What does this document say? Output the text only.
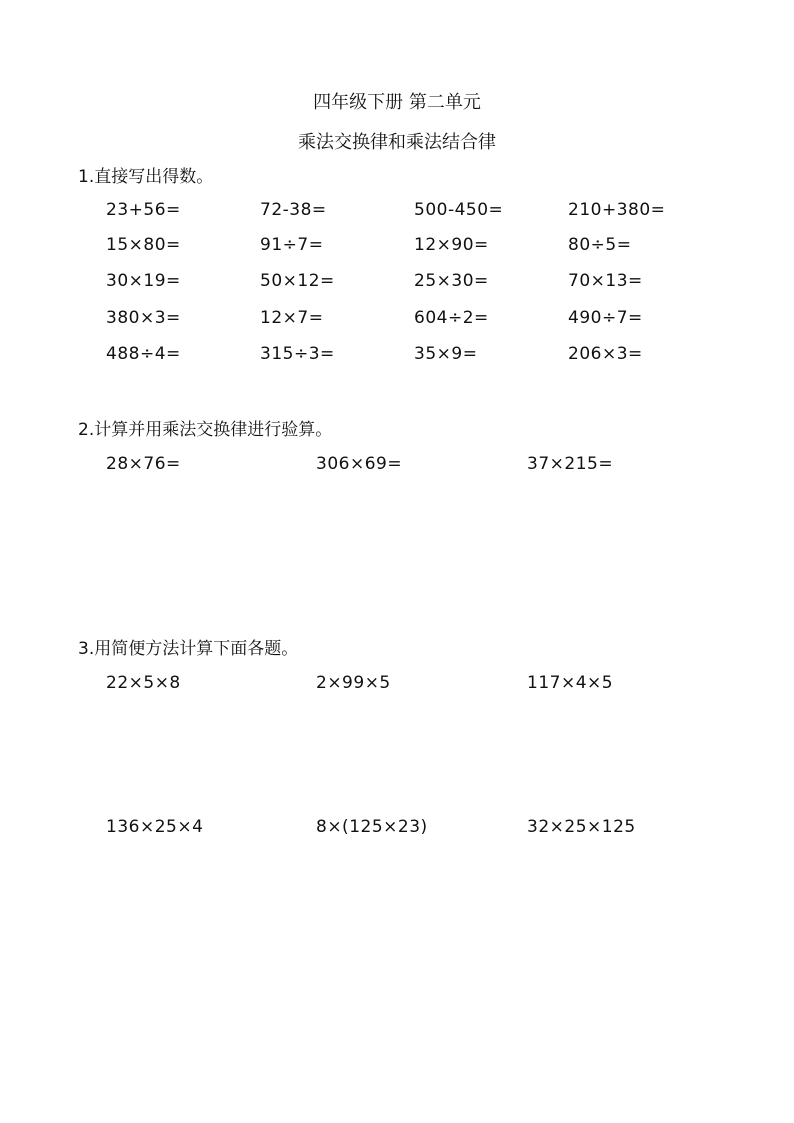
四年级下册 第二单元
乘法交换律和乘法结合律
1.直接写出得数。
23+56=	72-38=	500-450=	210+380=
15×80=	91÷7=	12×90=	80÷5=
30×19=	50×12=	25×30=	70×13=
380×3=	12×7=	604÷2=	490÷7=
488÷4=	315÷3=	35×9=	206×3=
2.计算并用乘法交换律进行验算。
28×76=	306×69=	37×215=
3.用简便方法计算下面各题。
22×5×8	2×99×5	117×4×5
136×25×4	8×(125×23)	32×25×125
